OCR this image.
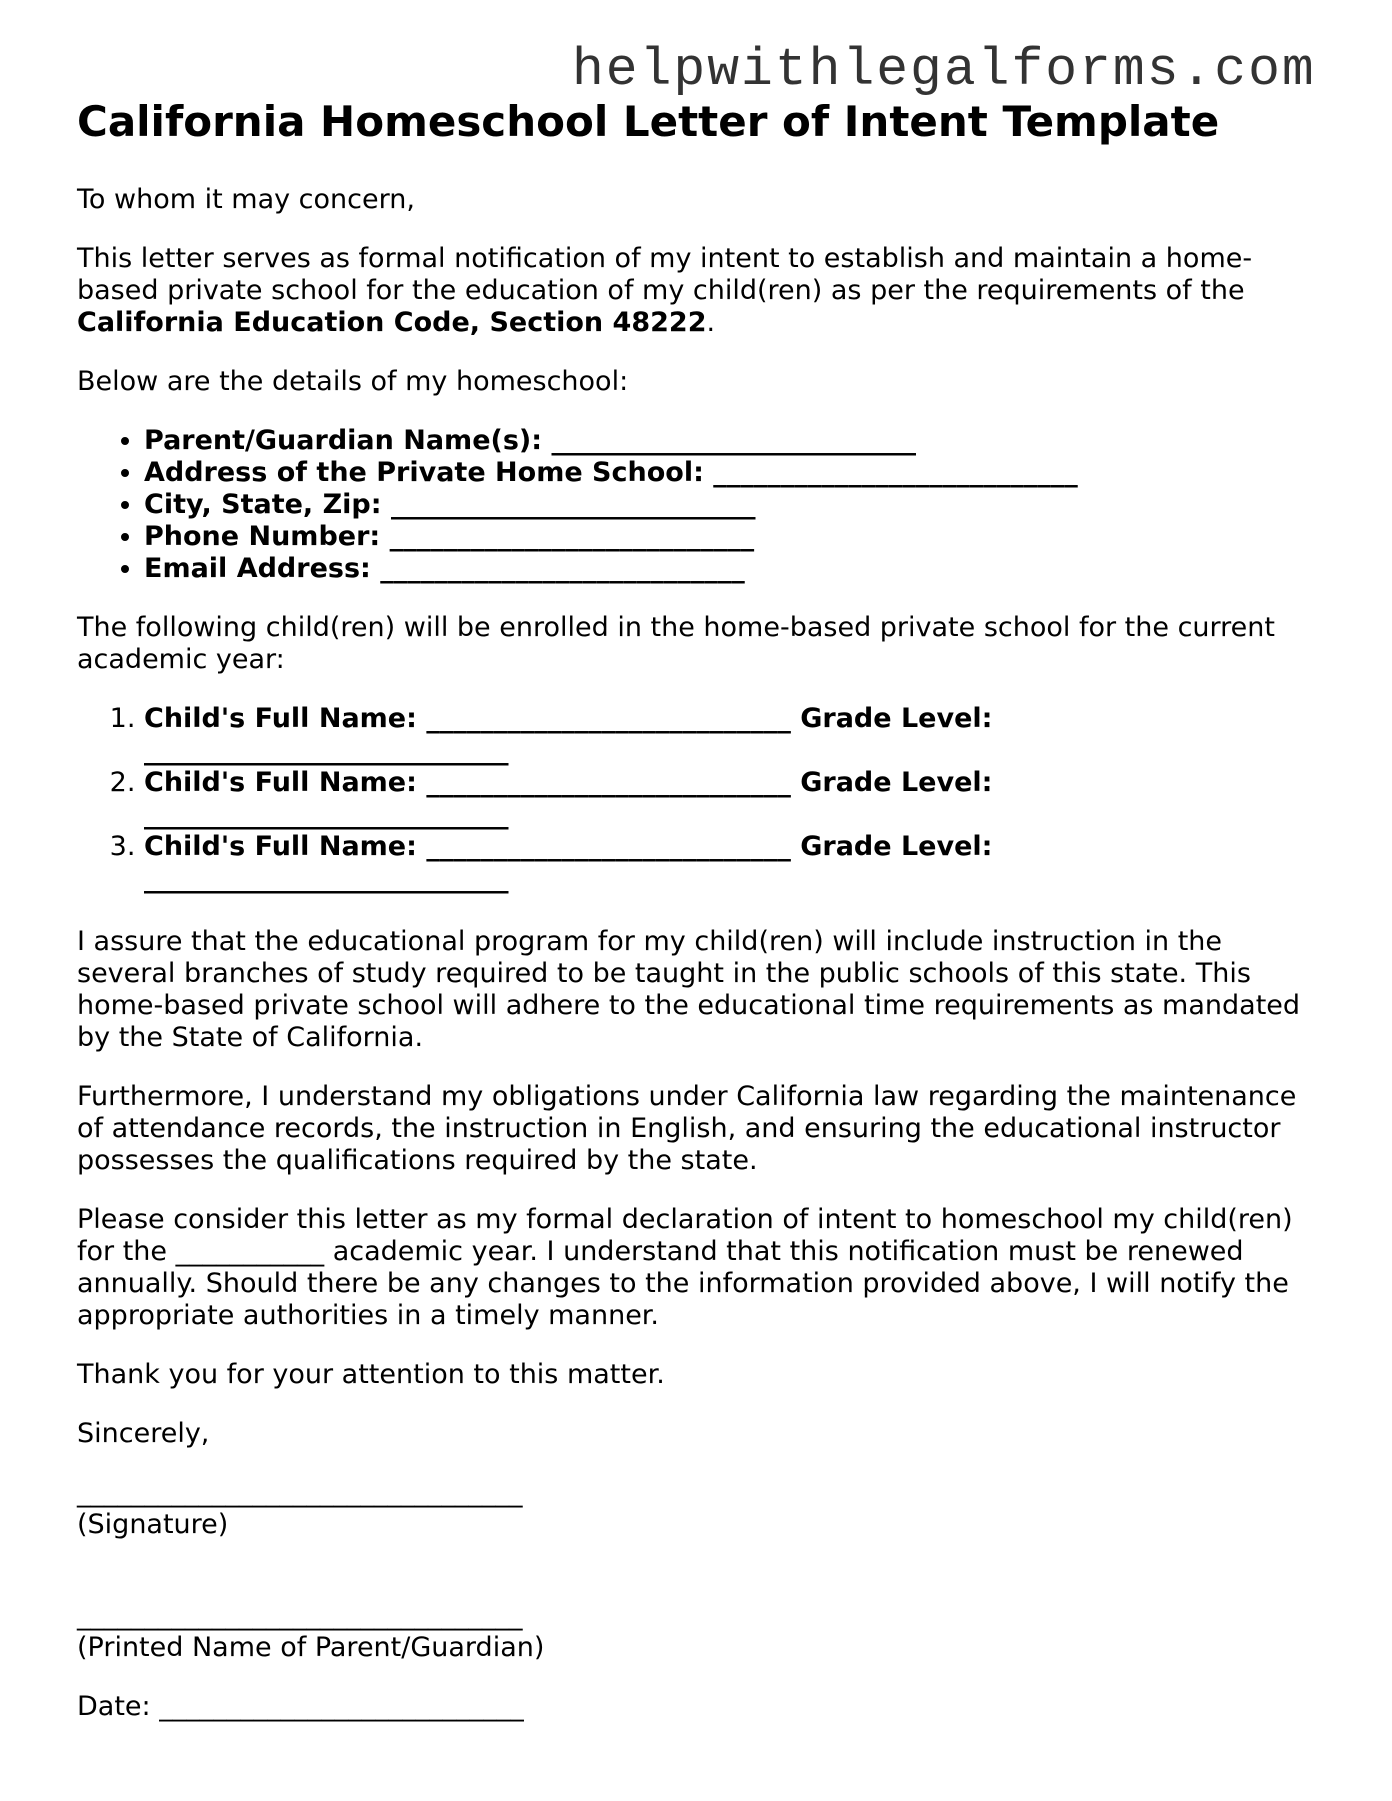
helpwithlegalforms.com
California Homeschool Letter of Intent Template

To whom it may concern,

This letter serves as formal notification of my intent to establish and maintain a home-based private school for the education of my child(ren) as per the requirements of the California Education Code, Section 48222.

Below are the details of my homeschool:

• Parent/Guardian Name(s): ___________________________
• Address of the Private Home School: ___________________________
• City, State, Zip: ___________________________
• Phone Number: ___________________________
• Email Address: ___________________________

The following child(ren) will be enrolled in the home-based private school for the current academic year:

1. Child's Full Name: ___________________________ Grade Level:
___________________________
2. Child's Full Name: ___________________________ Grade Level:
___________________________
3. Child's Full Name: ___________________________ Grade Level:
___________________________

I assure that the educational program for my child(ren) will include instruction in the several branches of study required to be taught in the public schools of this state. This home-based private school will adhere to the educational time requirements as mandated by the State of California.

Furthermore, I understand my obligations under California law regarding the maintenance of attendance records, the instruction in English, and ensuring the educational instructor possesses the qualifications required by the state.

Please consider this letter as my formal declaration of intent to homeschool my child(ren) for the ___________ academic year. I understand that this notification must be renewed annually. Should there be any changes to the information provided above, I will notify the appropriate authorities in a timely manner.

Thank you for your attention to this matter.

Sincerely,

_________________________________
(Signature)
_________________________________
(Printed Name of Parent/Guardian)

Date: ___________________________
